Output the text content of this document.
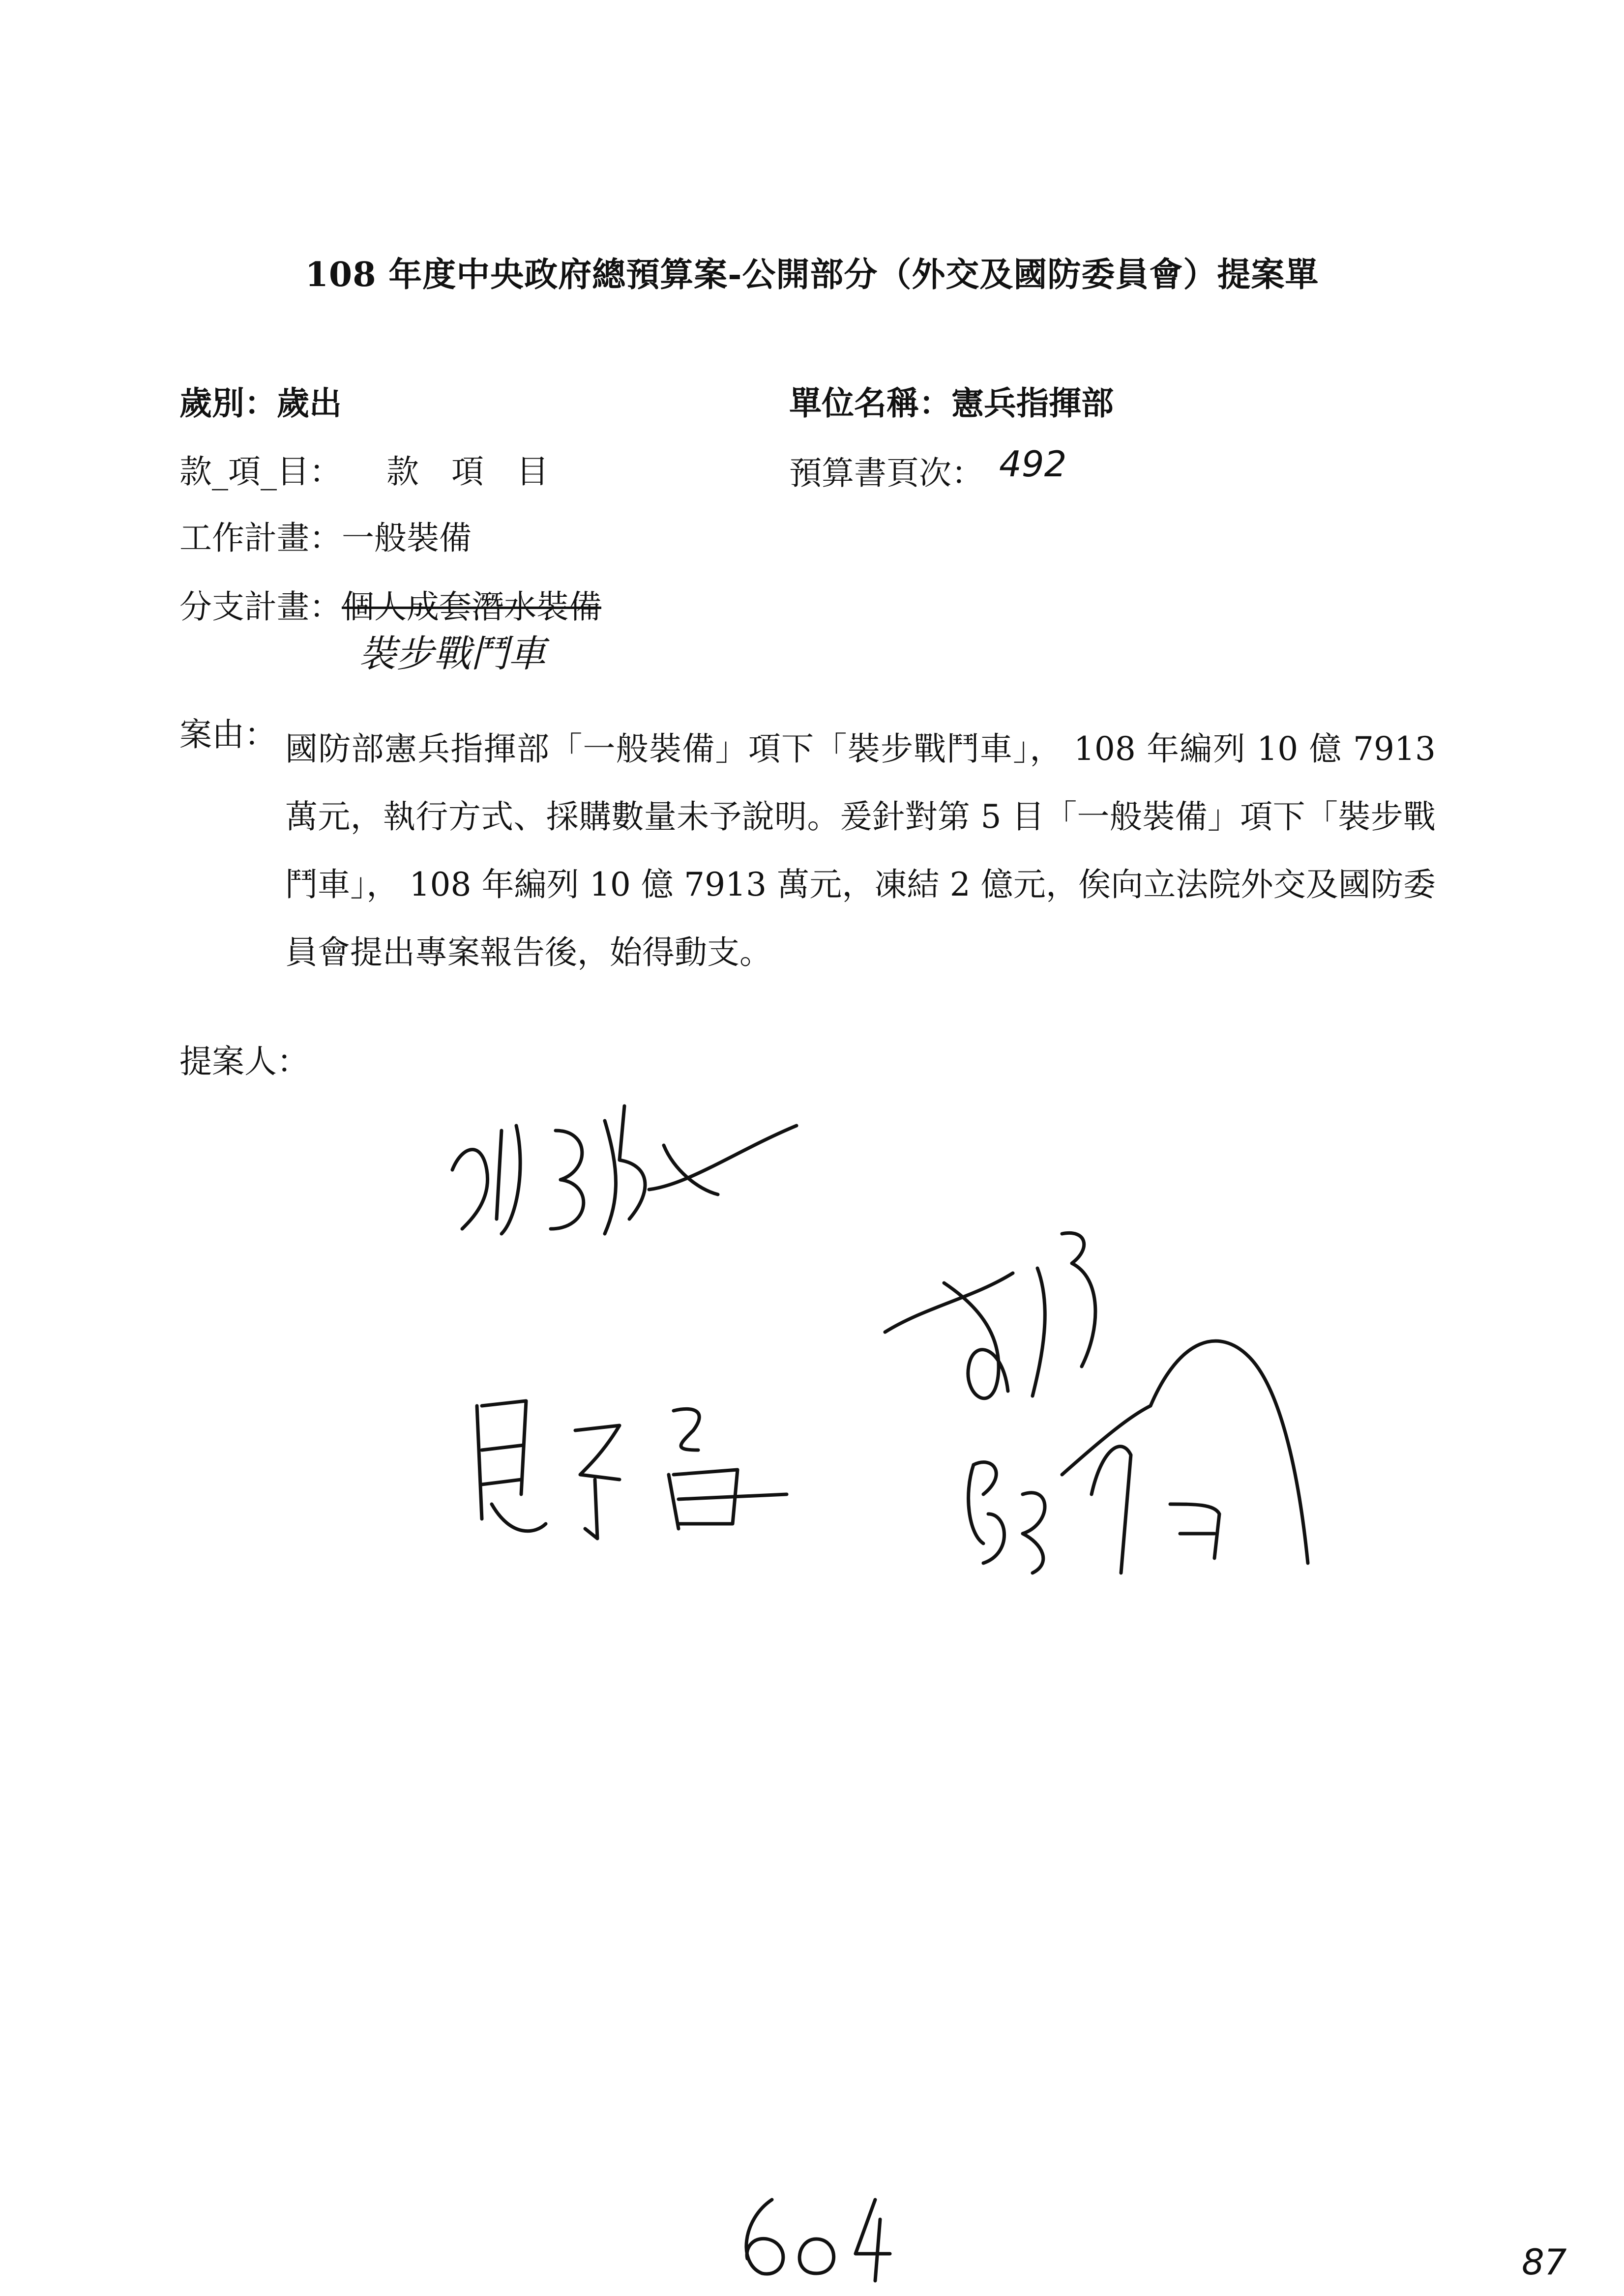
108 年度中央政府總預算案-公開部分（外交及國防委員會）提案單
歲別：歲出	單位名稱：憲兵指揮部
款_項_目： 款　項　目	預算書頁次： 492
工作計畫：一般裝備
分支計畫：個人成套潛水裝備
裝步戰鬥車
案由： 國防部憲兵指揮部「一般裝備」項下「裝步戰鬥車」， 108 年編列 10 億 7913 萬元，執行方式、採購數量未予說明。爰針對第 5 目「一般裝備」項下「裝步戰鬥車」， 108 年編列 10 億 7913 萬元，凍結 2 億元，俟向立法院外交及國防委員會提出專案報告後，始得動支。
提案人：
87
